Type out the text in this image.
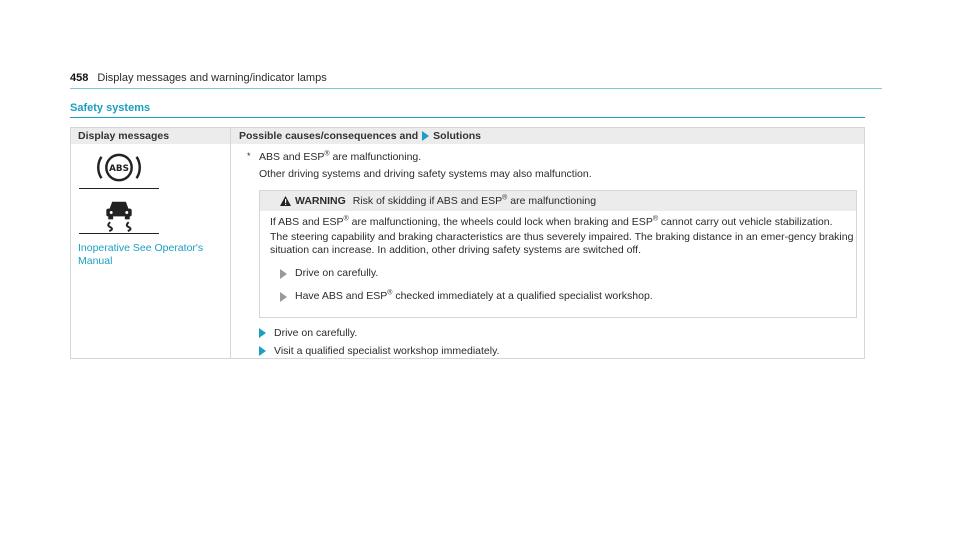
458 Display messages and warning/indicator lamps
Safety systems
Display messages	Possible causes/consequences and Solutions
ABS
Inoperative See Operator's Manual
* ABS and ESP® are malfunctioning.
Other driving systems and driving safety systems may also malfunction.
WARNING Risk of skidding if ABS and ESP® are malfunctioning

If ABS and ESP® are malfunctioning, the wheels could lock when braking and ESP® cannot carry out vehicle stabilization.

The steering capability and braking characteristics are thus severely impaired. The braking distance in an emer-gency braking situation can increase. In addition, other driving safety systems are switched off.

Drive on carefully.
Have ABS and ESP® checked immediately at a qualified specialist workshop.
Drive on carefully.
Visit a qualified specialist workshop immediately.
